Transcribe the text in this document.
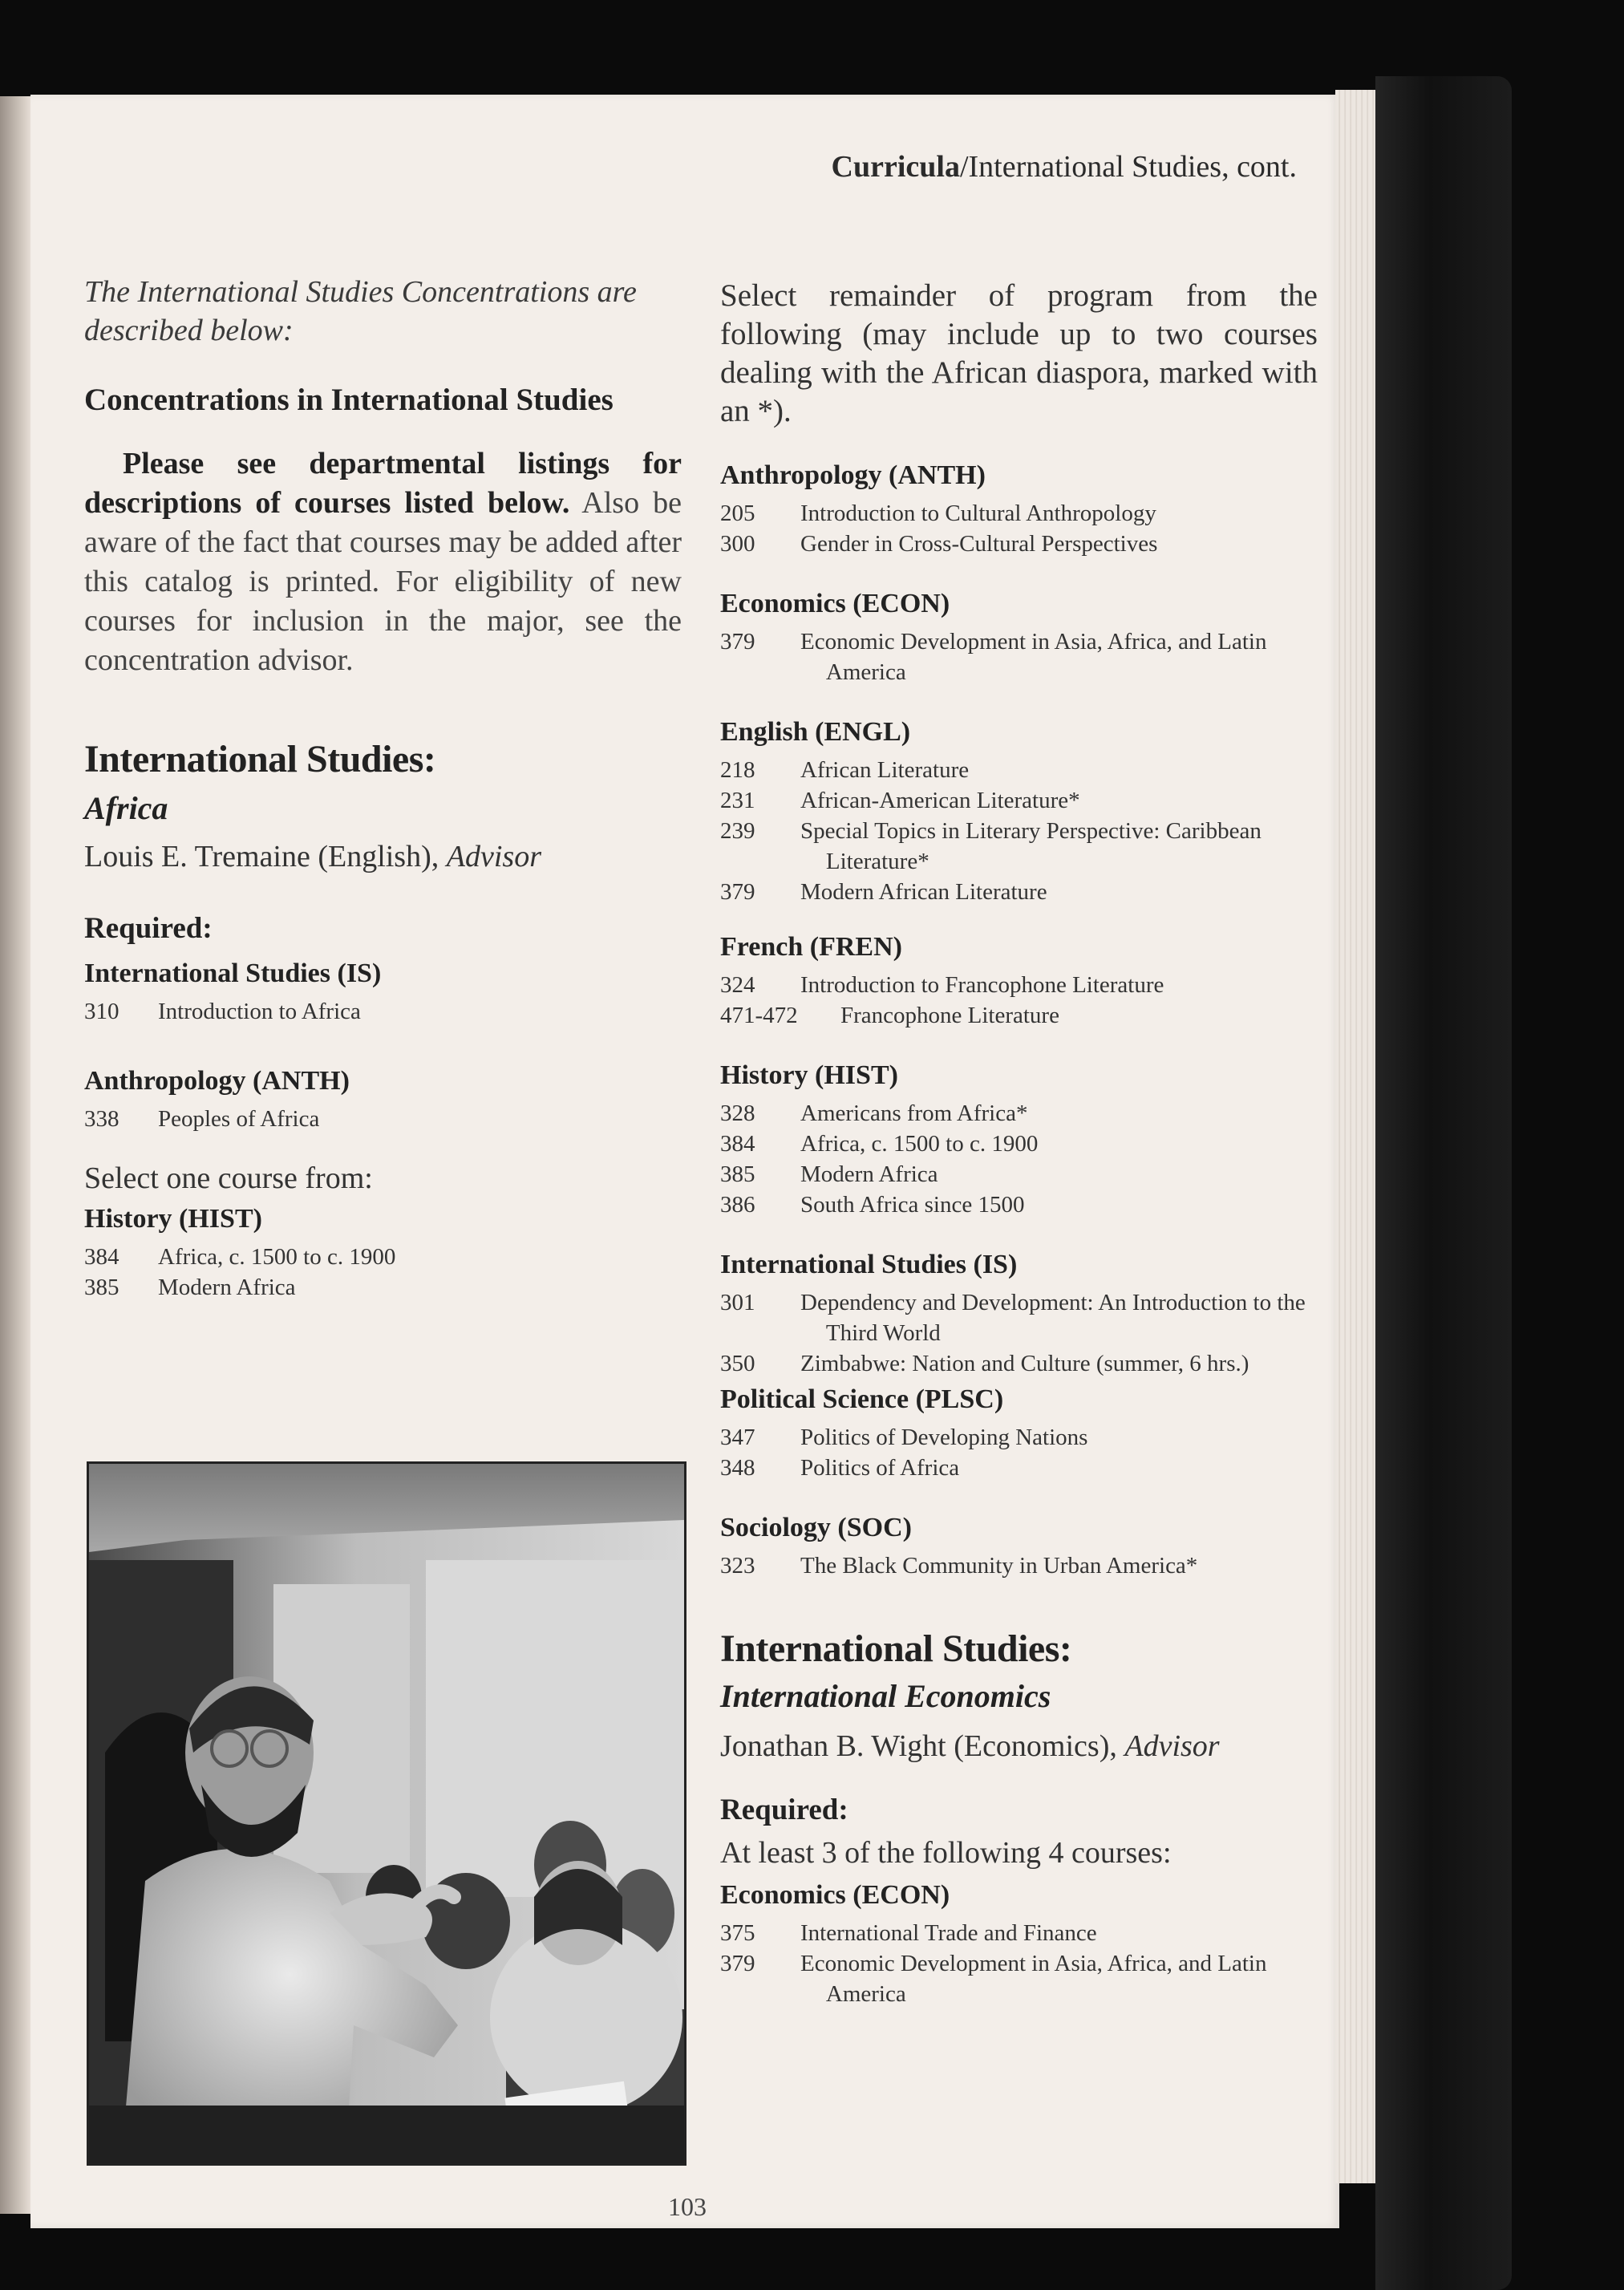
Curricula/International Studies, cont.
The International Studies Concentrations are described below:
Concentrations in International Studies
Please see departmental listings for descriptions of courses listed below. Also be aware of the fact that courses may be added after this catalog is printed. For eligibility of new courses for inclusion in the major, see the concentration advisor.
International Studies:
Africa
Louis E. Tremaine (English), Advisor
Required:
International Studies (IS)
310	Introduction to Africa
Anthropology (ANTH)
338	Peoples of Africa
Select one course from:
History (HIST)
384	Africa, c. 1500 to c. 1900
385	Modern Africa
Select remainder of program from the following (may include up to two courses dealing with the African diaspora, marked with an *).
Anthropology (ANTH)
205	Introduction to Cultural Anthropology
300	Gender in Cross-Cultural Perspectives
Economics (ECON)
379	Economic Development in Asia, Africa, and Latin America
English (ENGL)
218	African Literature
231	African-American Literature*
239	Special Topics in Literary Perspective: Caribbean Literature*
379	Modern African Literature
French (FREN)
324	Introduction to Francophone Literature
471-472	Francophone Literature
History (HIST)
328	Americans from Africa*
384	Africa, c. 1500 to c. 1900
385	Modern Africa
386	South Africa since 1500
International Studies (IS)
301	Dependency and Development: An Introduction to the Third World
350	Zimbabwe: Nation and Culture (summer, 6 hrs.)
Political Science (PLSC)
347	Politics of Developing Nations
348	Politics of Africa
Sociology (SOC)
323	The Black Community in Urban America*
International Studies:
International Economics
Jonathan B. Wight (Economics), Advisor
Required:
At least 3 of the following 4 courses:
Economics (ECON)
375	International Trade and Finance
379	Economic Development in Asia, Africa, and Latin America
103
